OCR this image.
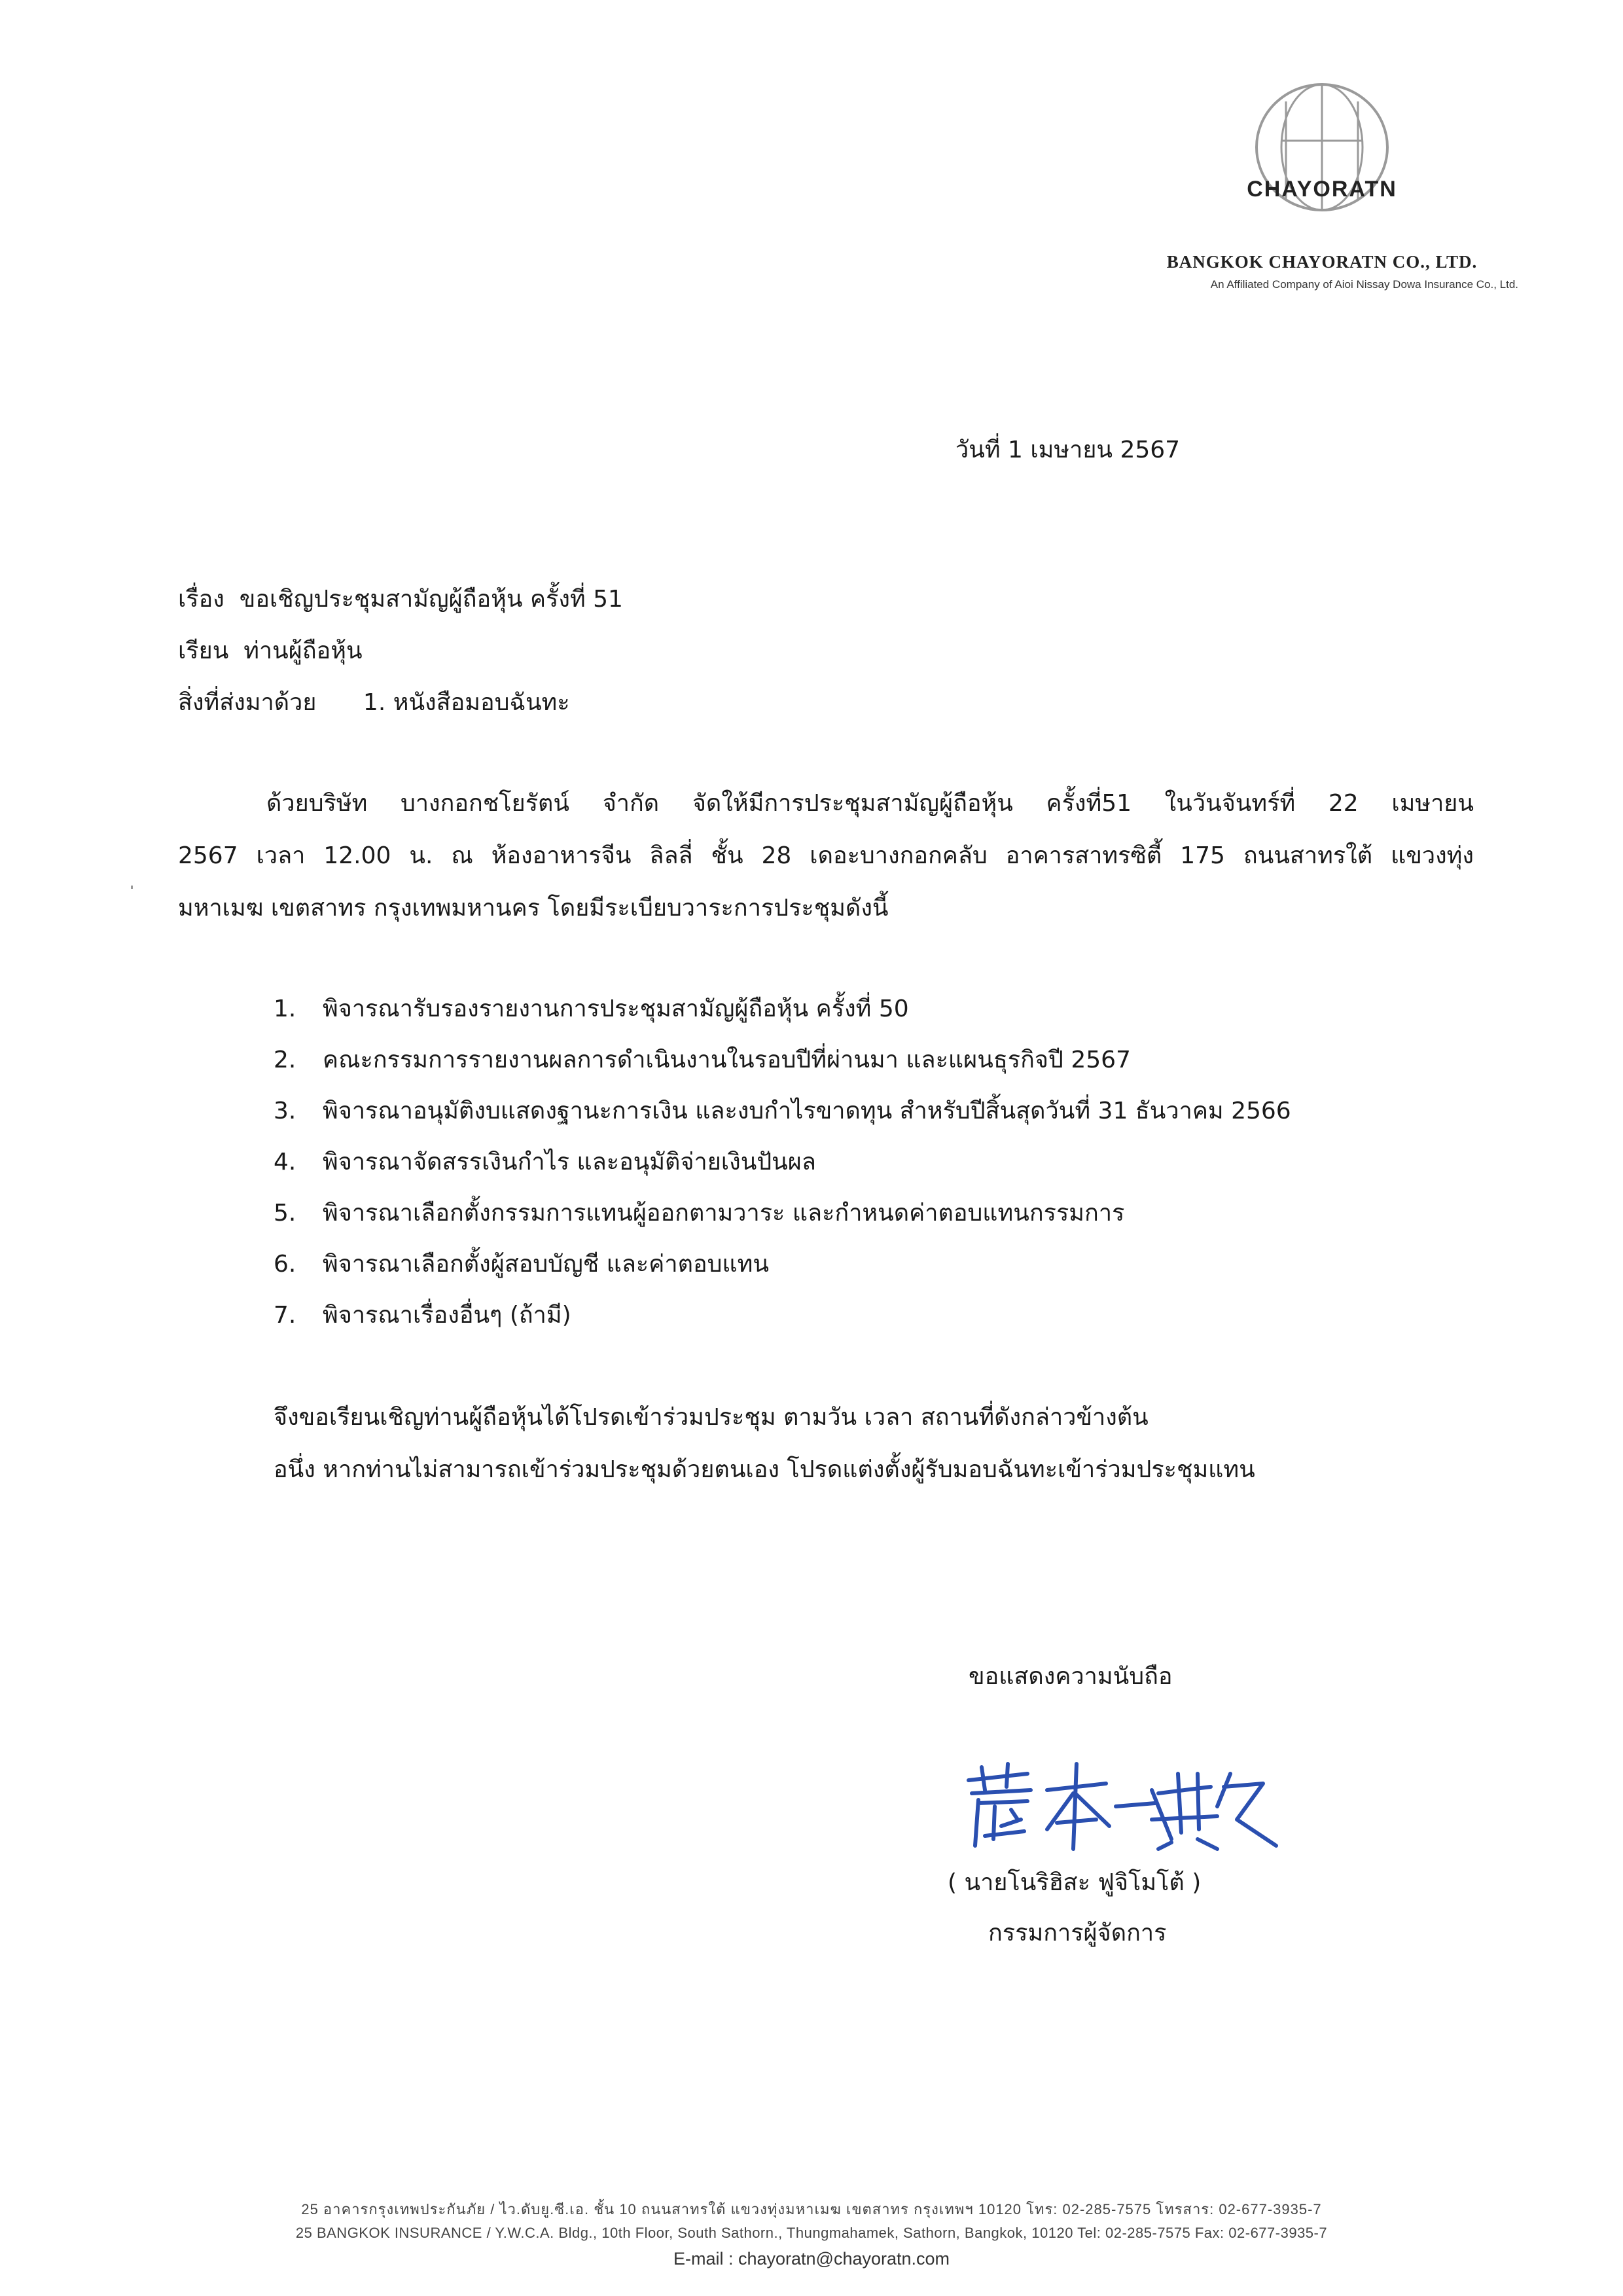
CHAYORATN
BANGKOK CHAYORATN CO., LTD.
An Affiliated Company of Aioi Nissay Dowa Insurance Co., Ltd.
วันที่ 1 เมษายน 2567
เรื่อง ขอเชิญประชุมสามัญผู้ถือหุ้น ครั้งที่ 51
เรียน ท่านผู้ถือหุ้น
สิ่งที่ส่งมาด้วย 1. หนังสือมอบฉันทะ
ด้วยบริษัท บางกอกชโยรัตน์ จำกัด จัดให้มีการประชุมสามัญผู้ถือหุ้น ครั้งที่51 ในวันจันทร์ที่ 22 เมษายน
2567 เวลา 12.00 น. ณ ห้องอาหารจีน ลิลลี่ ชั้น 28 เดอะบางกอกคลับ อาคารสาทรซิตี้ 175 ถนนสาทรใต้ แขวงทุ่ง
มหาเมฆ เขตสาทร กรุงเทพมหานคร โดยมีระเบียบวาระการประชุมดังนี้
1. พิจารณารับรองรายงานการประชุมสามัญผู้ถือหุ้น ครั้งที่ 50
2. คณะกรรมการรายงานผลการดำเนินงานในรอบปีที่ผ่านมา และแผนธุรกิจปี 2567
3. พิจารณาอนุมัติงบแสดงฐานะการเงิน และงบกำไรขาดทุน สำหรับปีสิ้นสุดวันที่ 31 ธันวาคม 2566
4. พิจารณาจัดสรรเงินกำไร และอนุมัติจ่ายเงินปันผล
5. พิจารณาเลือกตั้งกรรมการแทนผู้ออกตามวาระ และกำหนดค่าตอบแทนกรรมการ
6. พิจารณาเลือกตั้งผู้สอบบัญชี และค่าตอบแทน
7. พิจารณาเรื่องอื่นๆ (ถ้ามี)
จึงขอเรียนเชิญท่านผู้ถือหุ้นได้โปรดเข้าร่วมประชุม ตามวัน เวลา สถานที่ดังกล่าวข้างต้น
อนึ่ง หากท่านไม่สามารถเข้าร่วมประชุมด้วยตนเอง โปรดแต่งตั้งผู้รับมอบฉันทะเข้าร่วมประชุมแทน
ขอแสดงความนับถือ
( นายโนริฮิสะ ฟูจิโมโต้ )
กรรมการผู้จัดการ
25 อาคารกรุงเทพประกันภัย / ไว.ดับยู.ซี.เอ. ชั้น 10 ถนนสาทรใต้ แขวงทุ่งมหาเมฆ เขตสาทร กรุงเทพฯ 10120 โทร: 02-285-7575 โทรสาร: 02-677-3935-7
25 BANGKOK INSURANCE / Y.W.C.A. Bldg., 10th Floor, South Sathorn., Thungmahamek, Sathorn, Bangkok, 10120 Tel: 02-285-7575 Fax: 02-677-3935-7
E-mail : chayoratn@chayoratn.com
